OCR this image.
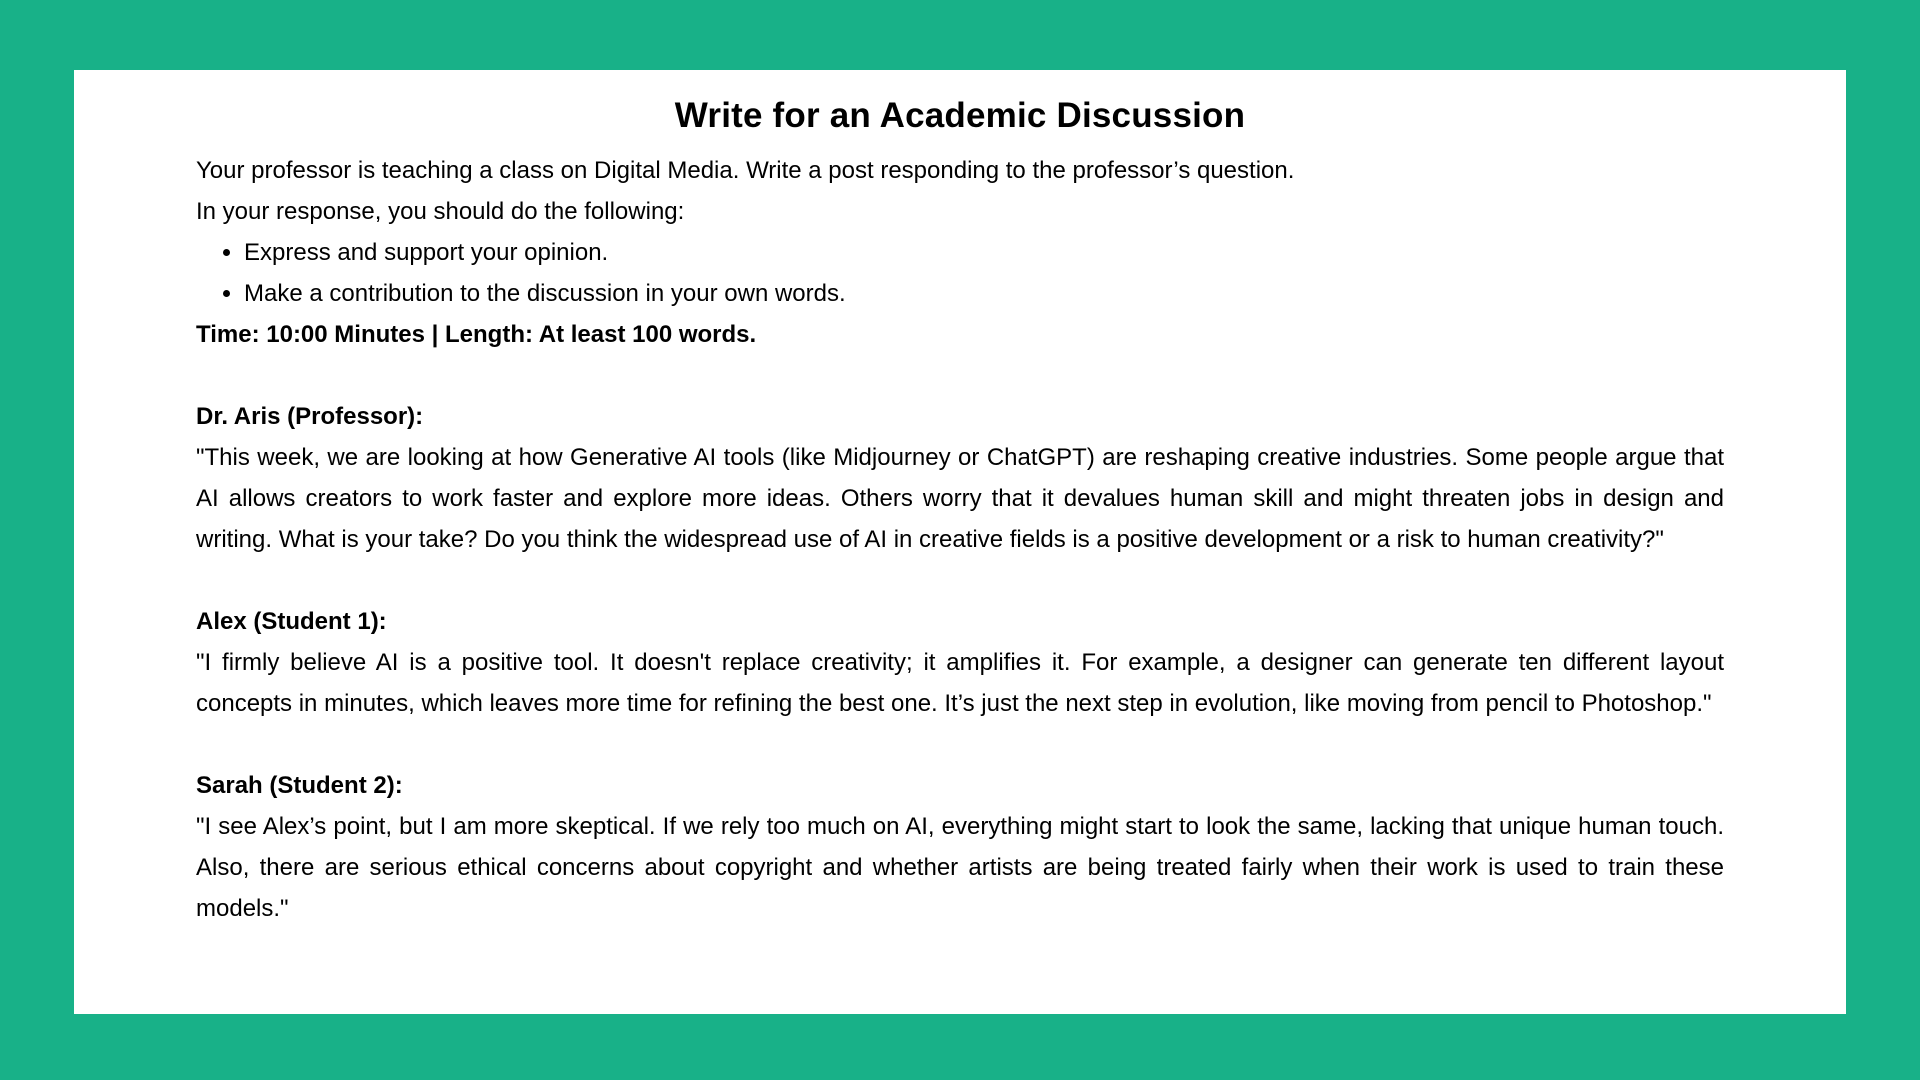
Write for an Academic Discussion

Your professor is teaching a class on Digital Media. Write a post responding to the professor’s question.

In your response, you should do the following:

• Express and support your opinion.
• Make a contribution to the discussion in your own words.

Time: 10:00 Minutes | Length: At least 100 words.

Dr. Aris (Professor):

"This week, we are looking at how Generative AI tools (like Midjourney or ChatGPT) are reshaping creative industries. Some people argue that AI allows creators to work faster and explore more ideas. Others worry that it devalues human skill and might threaten jobs in design and writing. What is your take? Do you think the widespread use of AI in creative fields is a positive development or a risk to human creativity?"

Alex (Student 1):

"I firmly believe AI is a positive tool. It doesn't replace creativity; it amplifies it. For example, a designer can generate ten different layout concepts in minutes, which leaves more time for refining the best one. It’s just the next step in evolution, like moving from pencil to Photoshop."

Sarah (Student 2):

"I see Alex’s point, but I am more skeptical. If we rely too much on AI, everything might start to look the same, lacking that unique human touch. Also, there are serious ethical concerns about copyright and whether artists are being treated fairly when their work is used to train these models."
